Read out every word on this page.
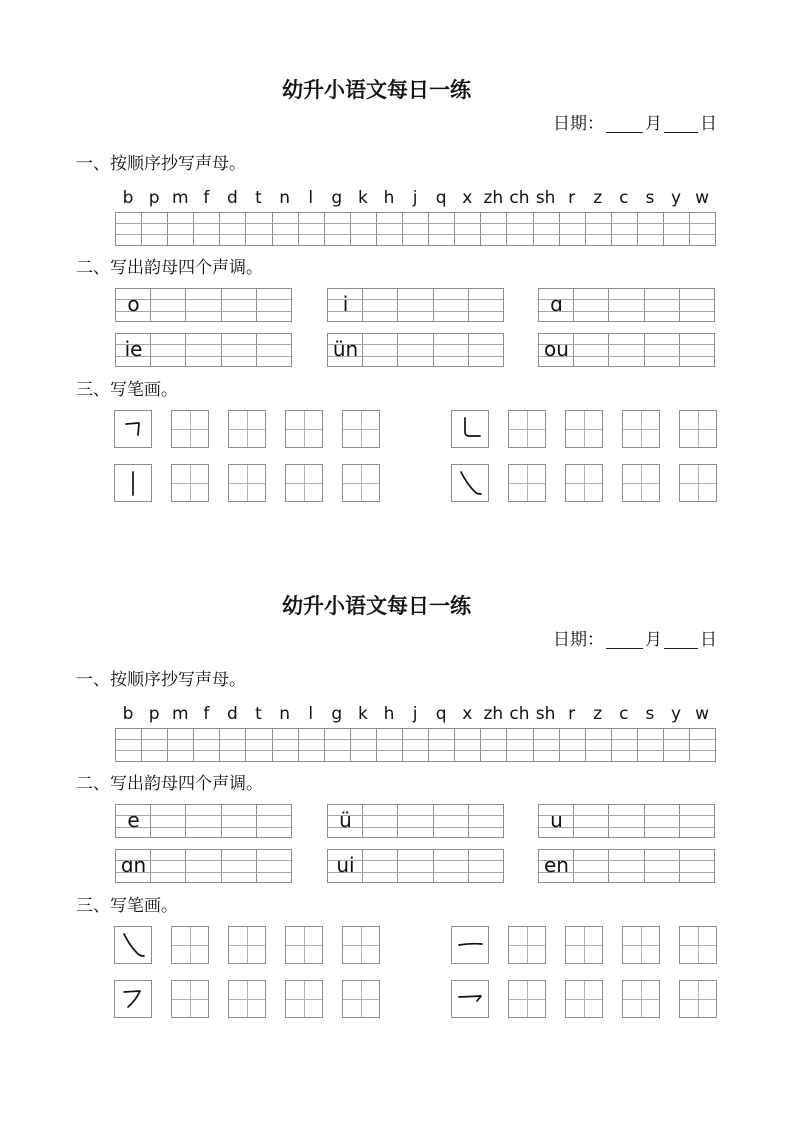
幼升小语文每日一练
日期： 月 日
一、按顺序抄写声母。
b p m f	d	t	n	l	g k h	j	q x zh ch sh r	z c s y w
二、写出韵母四个声调。
o	i	ɑ
ie	ün	ou
三、写笔画。
幼升小语文每日一练
日期： 月 日
一、按顺序抄写声母。
b p m f	d	t	n	l	g k h	j	q x zh ch sh r	z c s y w
二、写出韵母四个声调。
e	ü	u
ɑn	ui	en
三、写笔画。
